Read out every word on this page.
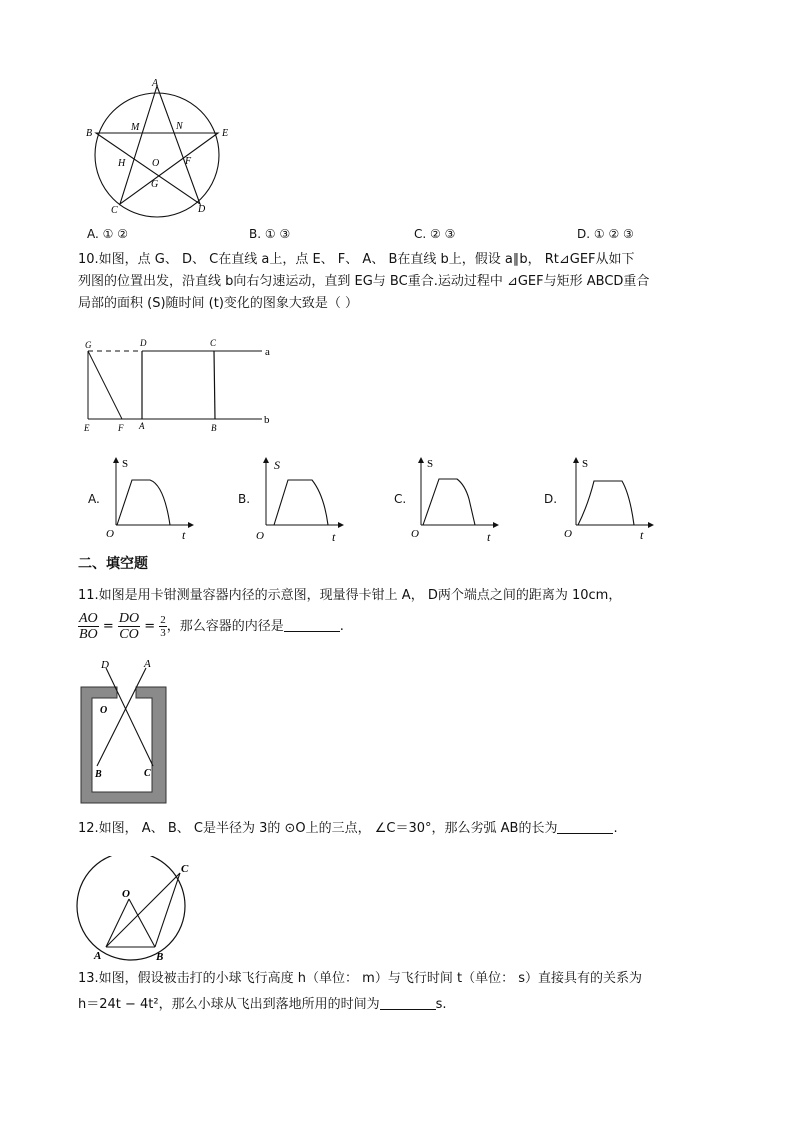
A
B	E
C	D
M	N
H	O	F
G
A. ① ②	B. ① ③	C. ② ③	D. ① ② ③
10.如图，点 G、 D、 C在直线 a上，点 E、 F、 A、 B在直线 b上，假设 a∥b， Rt⊿GEF从如下
列图的位置出发，沿直线 b向右匀速运动，直到 EG与 BC重合.运动过程中 ⊿GEF与矩形 ABCD重合
局部的面积 (S)随时间 (t)变化的图象大致是（ ）
G	D	C
a
E	F A	B
b
A.	B.	C.	D.
S
O	t
S
O	t
S
O	t
S
O	t
二、填空题
11.如图是用卡钳测量容器内径的示意图，现量得卡钳上 A， D两个端点之间的距离为 10cm，
$\frac{AO}{BO} = \frac{DO}{CO} = \frac{2}{3}$ ，那么容器的内径是	.
D	A
O
B	C
12.如图， A、 B、 C是半径为 3的 ⊙O上的三点， ∠C＝30°，那么劣弧 AB的长为	.
O
C
A	B
13.如图，假设被击打的小球飞行高度 h（单位： m）与飞行时间 t（单位： s）直接具有的关系为
h＝24t − 4t²，那么小球从飞出到落地所用的时间为	s.
